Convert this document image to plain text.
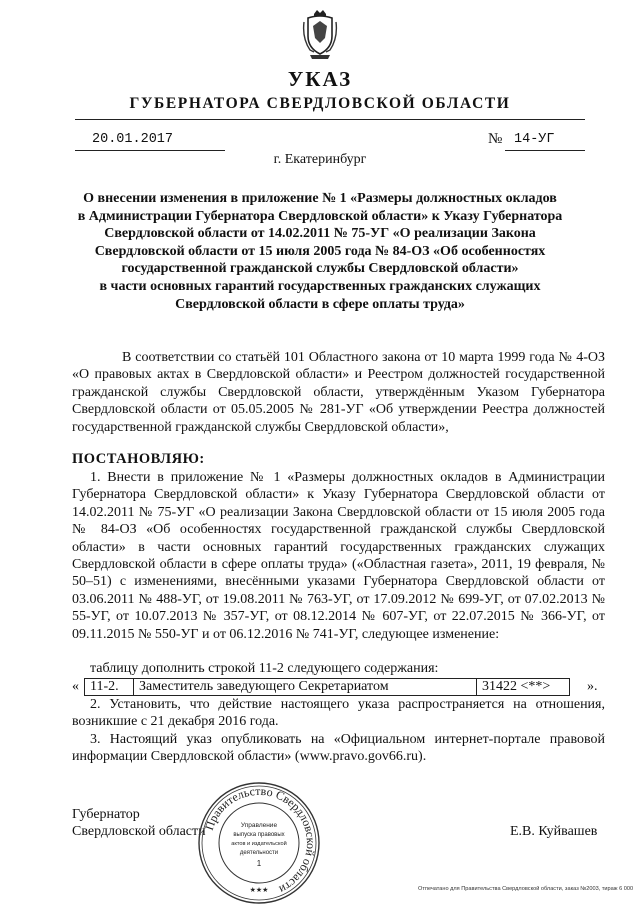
УКАЗ
ГУБЕРНАТОРА СВЕРДЛОВСКОЙ ОБЛАСТИ
20.01.2017	№ 14-УГ
г. Екатеринбург
О внесении изменения в приложение № 1 «Размеры должностных окладов
в Администрации Губернатора Свердловской области» к Указу Губернатора
Свердловской области от 14.02.2011 № 75-УГ «О реализации Закона
Свердловской области от 15 июля 2005 года № 84-ОЗ «Об особенностях
государственной гражданской службы Свердловской области»
в части основных гарантий государственных гражданских служащих
Свердловской области в сфере оплаты труда»
В соответствии со статьёй 101 Областного закона от 10 марта 1999 года № 4-ОЗ «О правовых актах в Свердловской области» и Реестром должностей государственной гражданской службы Свердловской области, утверждённым Указом Губернатора Свердловской области от 05.05.2005 № 281-УГ «Об утверждении Реестра должностей государственной гражданской службы Свердловской области»,
ПОСТАНОВЛЯЮ:
1. Внести в приложение № 1 «Размеры должностных окладов в Администрации Губернатора Свердловской области» к Указу Губернатора Свердловской области от 14.02.2011 № 75-УГ «О реализации Закона Свердловской области от 15 июля 2005 года № 84-ОЗ «Об особенностях государственной гражданской службы Свердловской области» в части основных гарантий государственных гражданских служащих Свердловской области в сфере оплаты труда» («Областная газета», 2011, 19 февраля, № 50–51) с изменениями, внесёнными указами Губернатора Свердловской области от 03.06.2011 № 488-УГ, от 19.08.2011 № 763-УГ, от 17.09.2012 № 699-УГ, от 07.02.2013 № 55-УГ, от 10.07.2013 № 357-УГ, от 08.12.2014 № 607-УГ, от 22.07.2015 № 366-УГ, от 09.11.2015 № 550-УГ и от 06.12.2016 № 741-УГ, следующее изменение:
таблицу дополнить строкой 11-2 следующего содержания:
« 11-2.	Заместитель заведующего Секретариатом	31422 <**>	».
2. Установить, что действие настоящего указа распространяется на отношения, возникшие с 21 декабря 2016 года.
3. Настоящий указ опубликовать на «Официальном интернет-портале правовой информации Свердловской области» (www.pravo.gov66.ru).
Губернатор
Свердловской области	Е.В. Куйвашев
Правительство Свердловской области
Управление
выпуска правовых
актов и издательской
деятельности
1
★★★	Отпечатано для Правительства Свердловской области, заказ №2003, тираж 6 000
